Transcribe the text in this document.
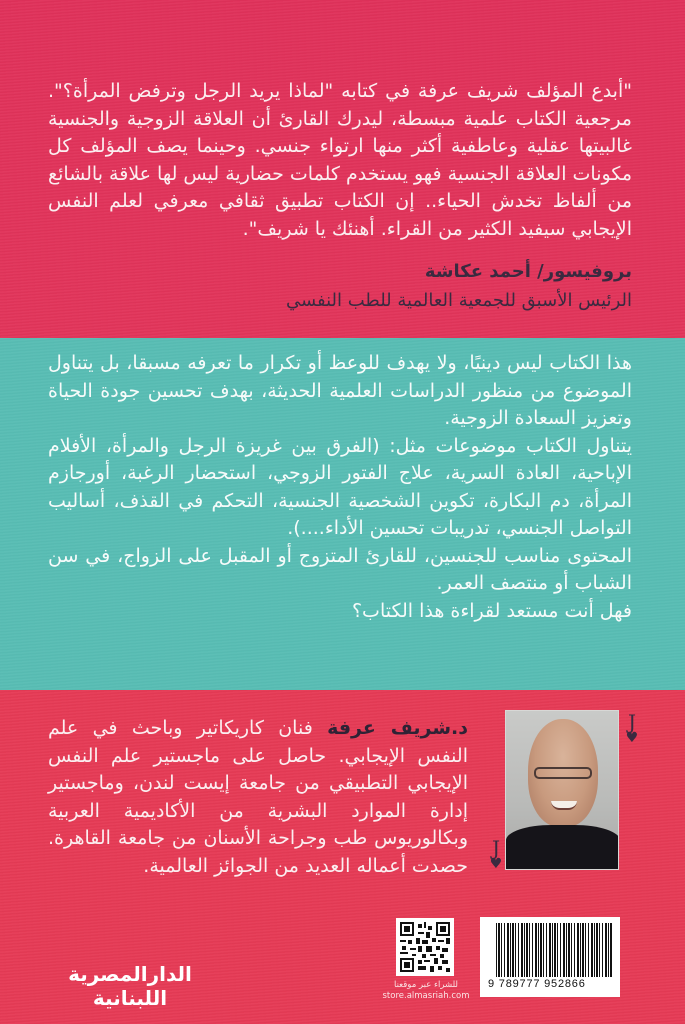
"أبدع المؤلف شريف عرفة في كتابه "لماذا يريد الرجل وترفض المرأة؟". مرجعية الكتاب علمية مبسطة، ليدرك القارئ أن العلاقة الزوجية والجنسية غالبيتها عقلية وعاطفية أكثر منها ارتواء جنسي. وحينما يصف المؤلف كل مكونات العلاقة الجنسية فهو يستخدم كلمات حضارية ليس لها علاقة بالشائع من ألفاظ تخدش الحياء.. إن الكتاب تطبيق ثقافي معرفي لعلم النفس الإيجابي سيفيد الكثير من القراء. أهنئك يا شريف".

بروفيسور/ أحمد عكاشة
الرئيس الأسبق للجمعية العالمية للطب النفسي

هذا الكتاب ليس دينيًا، ولا يهدف للوعظ أو تكرار ما تعرفه مسبقا، بل يتناول الموضوع من منظور الدراسات العلمية الحديثة، بهدف تحسين جودة الحياة وتعزيز السعادة الزوجية.

يتناول الكتاب موضوعات مثل: (الفرق بين غريزة الرجل والمرأة، الأفلام الإباحية، العادة السرية، علاج الفتور الزوجي، استحضار الرغبة، أورجازم المرأة، دم البكارة، تكوين الشخصية الجنسية، التحكم في القذف، أساليب التواصل الجنسي، تدريبات تحسين الأداء....).

المحتوى مناسب للجنسين، للقارئ المتزوج أو المقبل على الزواج، في سن الشباب أو منتصف العمر.

فهل أنت مستعد لقراءة هذا الكتاب؟

د.شريف عرفة فنان كاريكاتير وباحث في علم النفس الإيجابي. حاصل على ماجستير علم النفس الإيجابي التطبيقي من جامعة إيست لندن، وماجستير إدارة الموارد البشرية من الأكاديمية العربية وبكالوريوس طب وجراحة الأسنان من جامعة القاهرة. حصدت أعماله العديد من الجوائز العالمية.

J
♥
J
♥
الدارالمصرية اللبنانية
للشراء عبر موقعنا
store.almasriah.com
9 789777 952866
